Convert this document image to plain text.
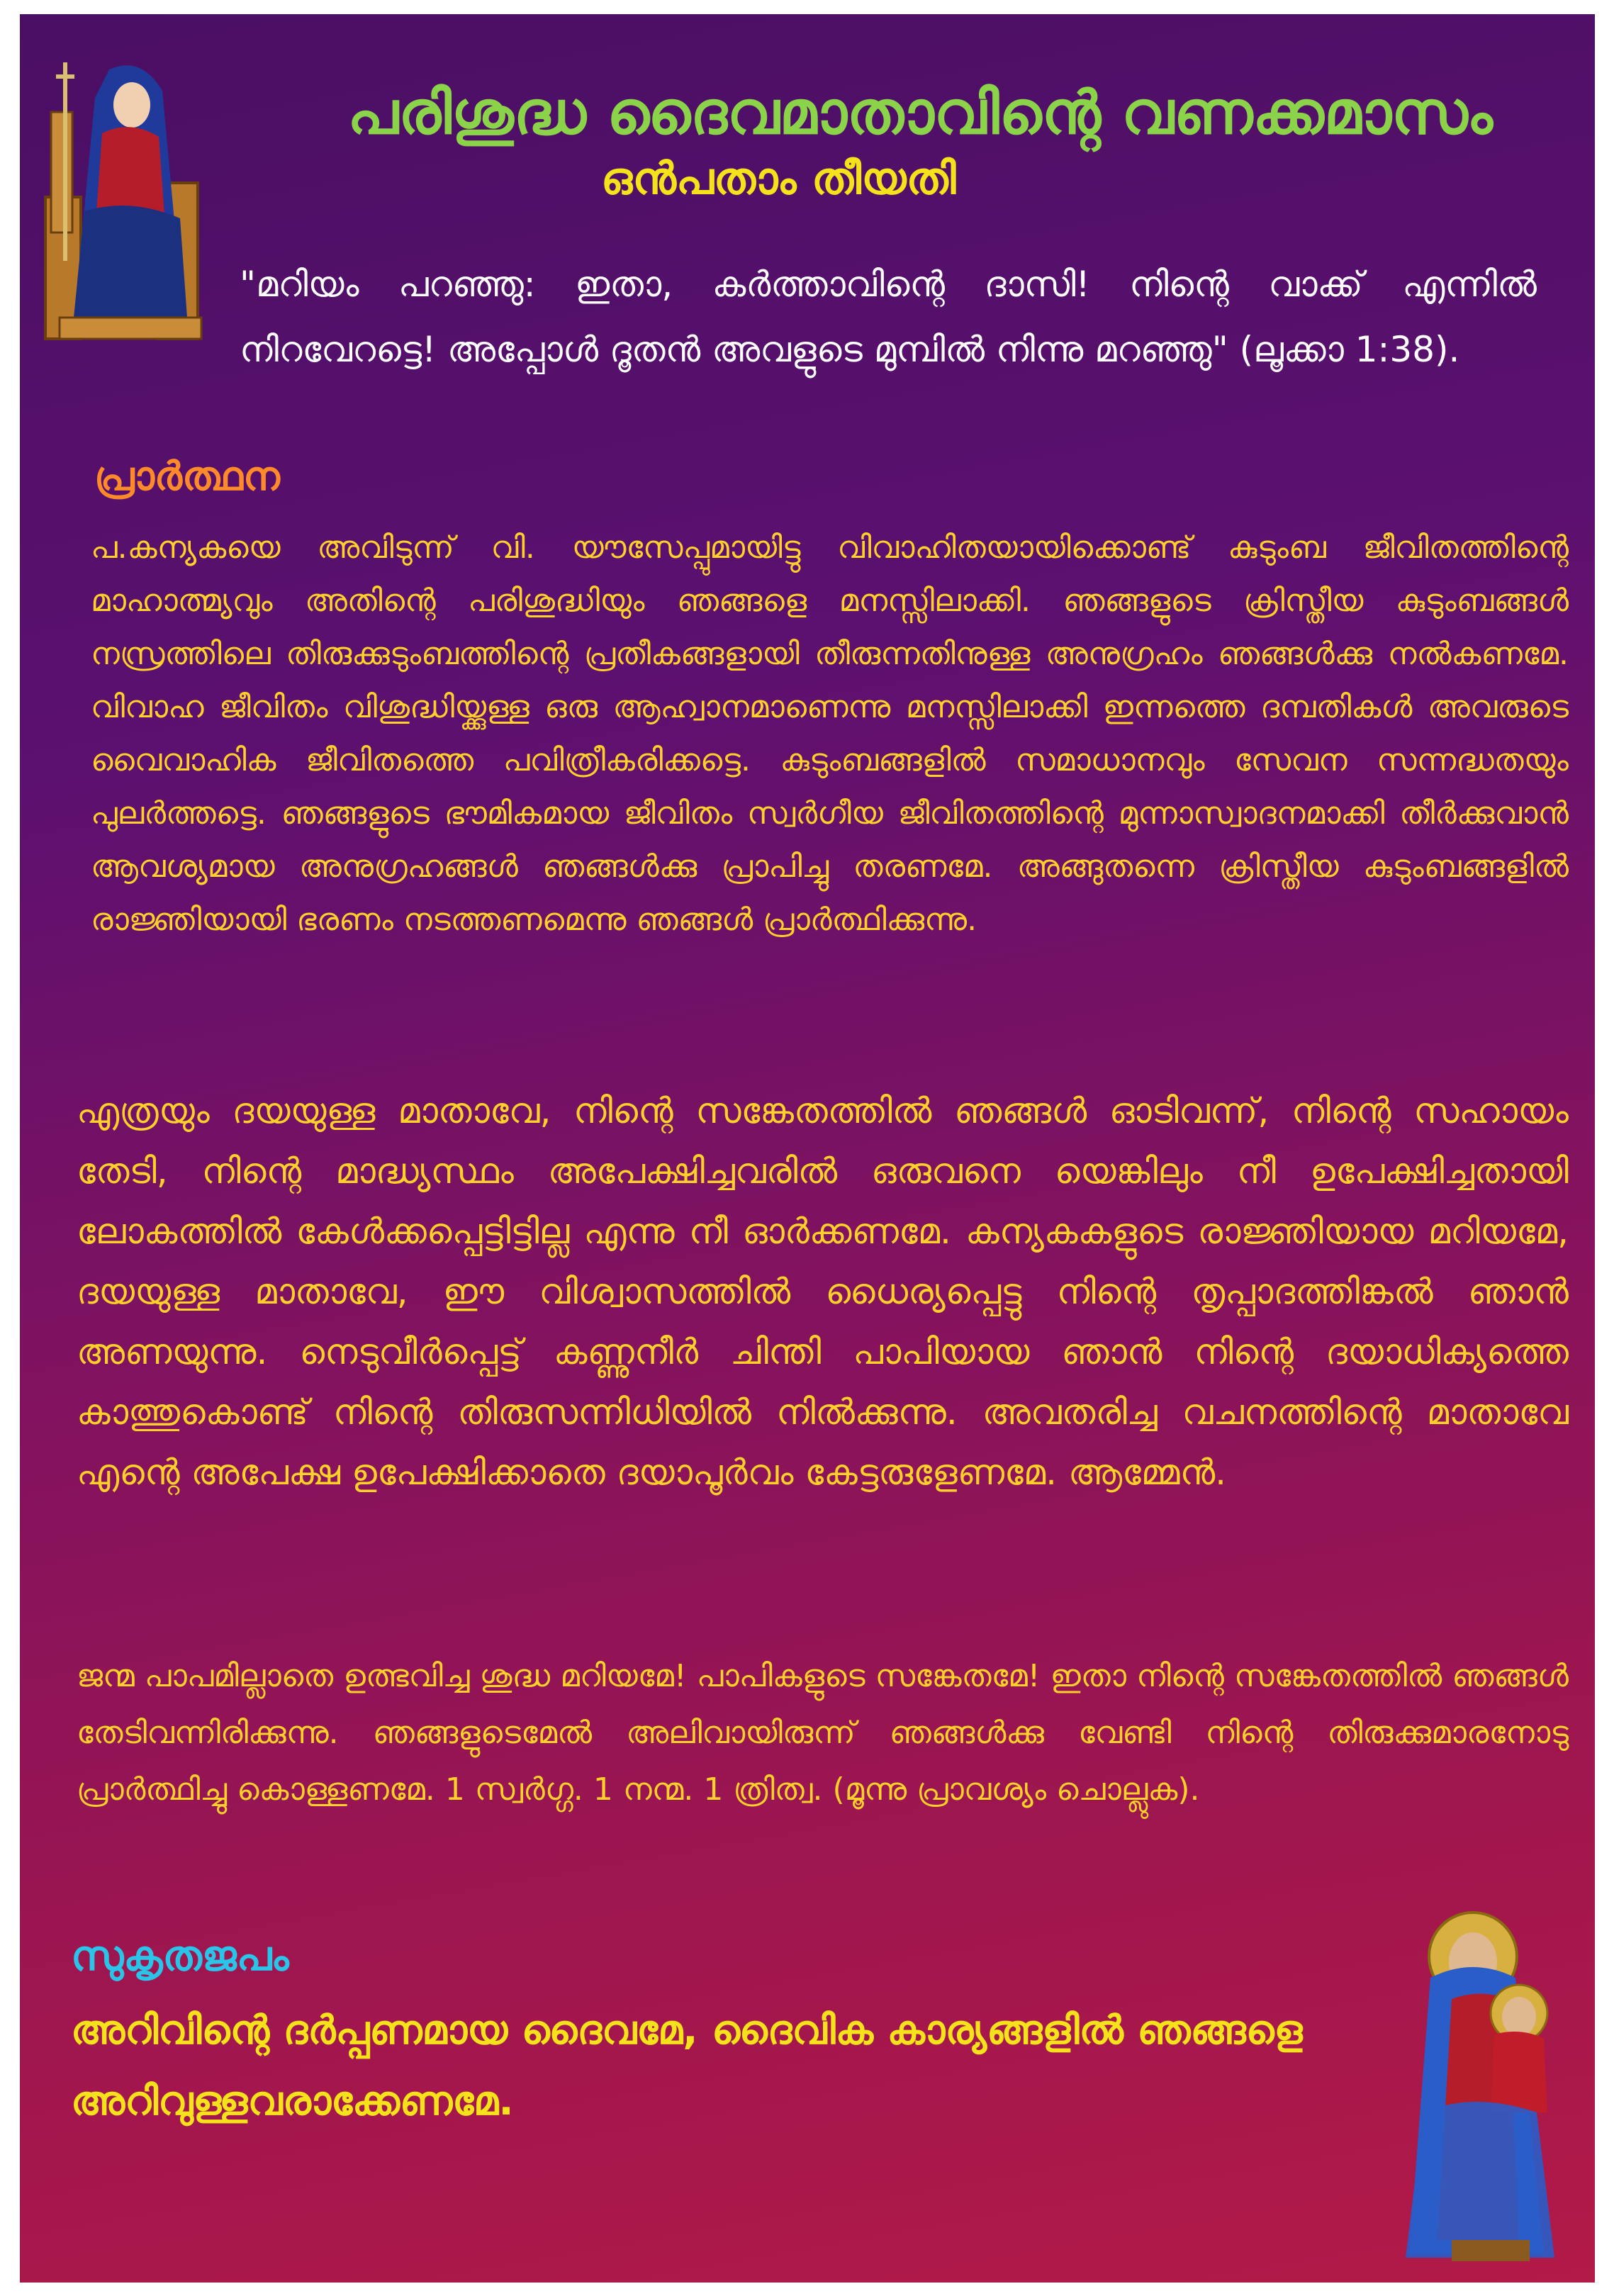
പരിശുദ്ധ ദൈവമാതാവിന്റെ വണക്കമാസം
ഒൻപതാം തീയതി
"മറിയം പറഞ്ഞു: ഇതാ, കർത്താവിന്റെ ദാസി! നിന്റെ വാക്ക് എന്നിൽ നിറവേറട്ടെ! അപ്പോൾ ദൂതൻ അവളുടെ മുമ്പിൽ നിന്നു മറഞ്ഞു" (ലൂക്കാ 1:38).
പ്രാർത്ഥന
പ.കന്യകയെ അവിടുന്ന് വി. യൗസേപ്പുമായിട്ടു വിവാഹിതയായിക്കൊണ്ട് കുടുംബ ജീവിതത്തിന്റെ മാഹാത്മ്യവും അതിന്റെ പരിശുദ്ധിയും ഞങ്ങളെ മനസ്സിലാക്കി. ഞങ്ങളുടെ ക്രിസ്തീയ കുടുംബങ്ങൾ നസ്രത്തിലെ തിരുക്കുടുംബത്തിന്റെ പ്രതീകങ്ങളായി തീരുന്നതിനുള്ള അനുഗ്രഹം ഞങ്ങൾക്കു നൽകണമേ. വിവാഹ ജീവിതം വിശുദ്ധിയ്ക്കുള്ള ഒരു ആഹ്വാനമാണെന്നു മനസ്സിലാക്കി ഇന്നത്തെ ദമ്പതികൾ അവരുടെ വൈവാഹിക ജീവിതത്തെ പവിത്രീകരിക്കട്ടെ. കുടുംബങ്ങളിൽ സമാധാനവും സേവന സന്നദ്ധതയും പുലർത്തട്ടെ. ഞങ്ങളുടെ ഭൗമികമായ ജീവിതം സ്വർഗീയ ജീവിതത്തിന്റെ മുന്നാസ്വാദനമാക്കി തീർക്കുവാൻ ആവശ്യമായ അനുഗ്രഹങ്ങൾ ഞങ്ങൾക്കു പ്രാപിച്ചു തരണമേ. അങ്ങുതന്നെ ക്രിസ്തീയ കുടുംബങ്ങളിൽ രാജ്ഞിയായി ഭരണം നടത്തണമെന്നു ഞങ്ങൾ പ്രാർത്ഥിക്കുന്നു.
എത്രയും ദയയുള്ള മാതാവേ, നിന്റെ സങ്കേതത്തിൽ ഞങ്ങൾ ഓടിവന്ന്, നിന്റെ സഹായം തേടി, നിന്റെ മാദ്ധ്യസ്ഥം അപേക്ഷിച്ചവരിൽ ഒരുവനെ യെങ്കിലും നീ ഉപേക്ഷിച്ചതായി ലോകത്തിൽ കേൾക്കപ്പെട്ടിട്ടില്ല എന്നു നീ ഓർക്കണമേ. കന്യകകളുടെ രാജ്ഞിയായ മറിയമേ, ദയയുള്ള മാതാവേ, ഈ വിശ്വാസത്തിൽ ധൈര്യപ്പെട്ടു നിന്റെ തൃപ്പാദത്തിങ്കൽ ഞാൻ അണയുന്നു. നെടുവീർപ്പെട്ട് കണ്ണുനീർ ചിന്തി പാപിയായ ഞാൻ നിന്റെ ദയാധിക്യത്തെ കാത്തുകൊണ്ട് നിന്റെ തിരുസന്നിധിയിൽ നിൽക്കുന്നു. അവതരിച്ച വചനത്തിന്റെ മാതാവേ എന്റെ അപേക്ഷ ഉപേക്ഷിക്കാതെ ദയാപൂർവം കേട്ടരുളേണമേ. ആമ്മേൻ.
ജന്മ പാപമില്ലാതെ ഉത്ഭവിച്ച ശുദ്ധ മറിയമേ! പാപികളുടെ സങ്കേതമേ! ഇതാ നിന്റെ സങ്കേതത്തിൽ ഞങ്ങൾ തേടിവന്നിരിക്കുന്നു. ഞങ്ങളുടെമേൽ അലിവായിരുന്ന് ഞങ്ങൾക്കു വേണ്ടി നിന്റെ തിരുക്കുമാരനോടു പ്രാർത്ഥിച്ചു കൊള്ളണമേ. 1 സ്വർഗ്ഗ. 1 നന്മ. 1 ത്രിത്വ. (മൂന്നു പ്രാവശ്യം ചൊല്ലുക).
സുകൃതജപം
അറിവിന്റെ ദർപ്പണമായ ദൈവമേ, ദൈവിക കാര്യങ്ങളിൽ ഞങ്ങളെ അറിവുള്ളവരാക്കേണമേ.
